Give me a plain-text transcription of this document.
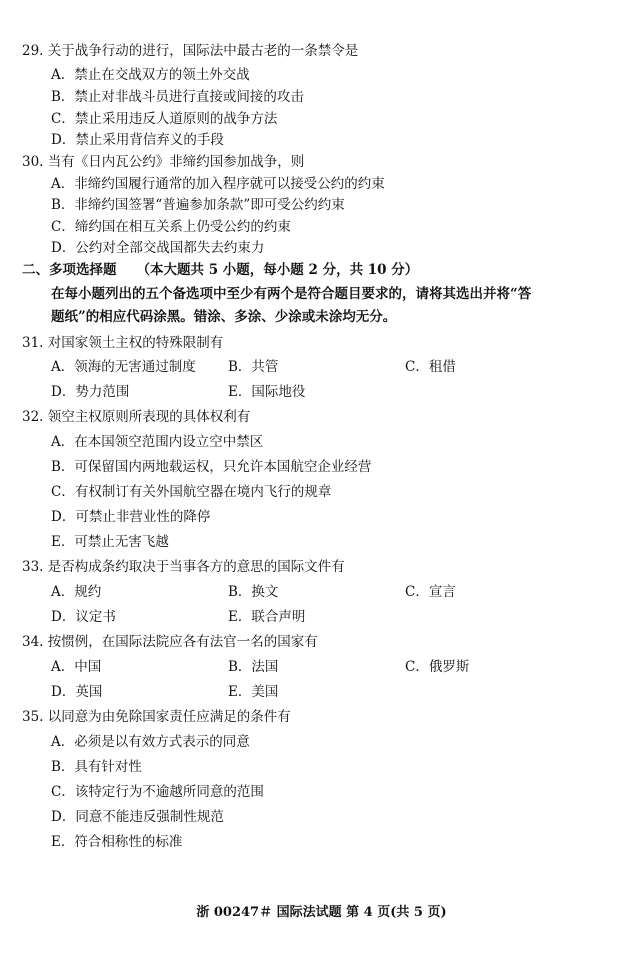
29. 关于战争行动的进行，国际法中最古老的一条禁令是
A．禁止在交战双方的领土外交战
B．禁止对非战斗员进行直接或间接的攻击
C．禁止采用违反人道原则的战争方法
D．禁止采用背信弃义的手段
30. 当有《日内瓦公约》非缔约国参加战争，则
A．非缔约国履行通常的加入程序就可以接受公约的约束
B．非缔约国签署“普遍参加条款”即可受公约约束
C．缔约国在相互关系上仍受公约的约束
D．公约对全部交战国都失去约束力
二、多项选择题 （本大题共 5 小题，每小题 2 分，共 10 分）
在每小题列出的五个备选项中至少有两个是符合题目要求的，请将其选出并将“答
题纸”的相应代码涂黑。错涂、多涂、少涂或未涂均无分。
31. 对国家领土主权的特殊限制有
A．领海的无害通过制度 B．共管	C．租借
D．势力范围	E．国际地役
32. 领空主权原则所表现的具体权利有
A．在本国领空范围内设立空中禁区
B．可保留国内两地载运权，只允许本国航空企业经营
C．有权制订有关外国航空器在境内飞行的规章
D．可禁止非营业性的降停
E．可禁止无害飞越
33. 是否构成条约取决于当事各方的意思的国际文件有
A．规约	B．换文	C．宣言
D．议定书	E．联合声明
34. 按惯例，在国际法院应各有法官一名的国家有
A．中国	B．法国	C．俄罗斯
D．英国	E．美国
35. 以同意为由免除国家责任应满足的条件有
A．必须是以有效方式表示的同意
B．具有针对性
C．该特定行为不逾越所同意的范围
D．同意不能违反强制性规范
E．符合相称性的标准
浙 00247＃ 国际法试题 第 4 页(共 5 页)
